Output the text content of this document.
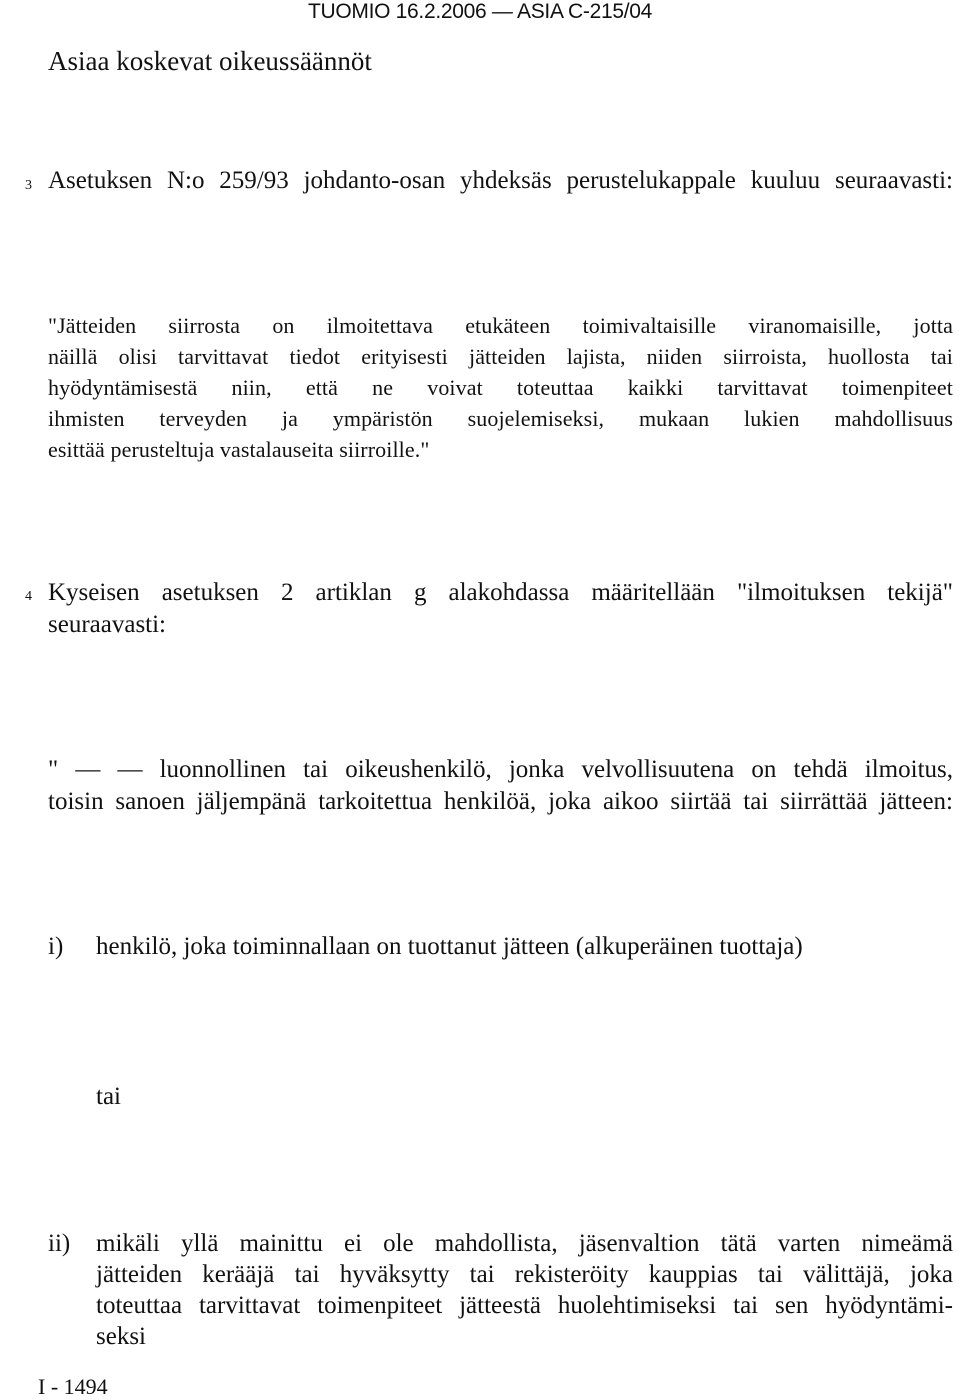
TUOMIO 16.2.2006 — ASIA C-215/04
Asiaa koskevat oikeussäännöt
3 Asetuksen N:o 259/93 johdanto-osan yhdeksäs perustelukappale kuuluu seuraavasti:
"Jätteiden siirrosta on ilmoitettava etukäteen toimivaltaisille viranomaisille, jotta
näillä olisi tarvittavat tiedot erityisesti jätteiden lajista, niiden siirroista, huollosta tai
hyödyntämisestä niin, että ne voivat toteuttaa kaikki tarvittavat toimenpiteet
ihmisten terveyden ja ympäristön suojelemiseksi, mukaan lukien mahdollisuus
esittää perusteltuja vastalauseita siirroille."
4 Kyseisen asetuksen 2 artiklan g alakohdassa määritellään "ilmoituksen tekijä"
seuraavasti:
" — — luonnollinen tai oikeushenkilö, jonka velvollisuutena on tehdä ilmoitus,
toisin sanoen jäljempänä tarkoitettua henkilöä, joka aikoo siirtää tai siirrättää jätteen:
i) henkilö, joka toiminnallaan on tuottanut jätteen (alkuperäinen tuottaja)
tai
ii) mikäli yllä mainittu ei ole mahdollista, jäsenvaltion tätä varten nimeämä
jätteiden kerääjä tai hyväksytty tai rekisteröity kauppias tai välittäjä, joka
toteuttaa tarvittavat toimenpiteet jätteestä huolehtimiseksi tai sen hyödyntämi-
seksi
I - 1494
